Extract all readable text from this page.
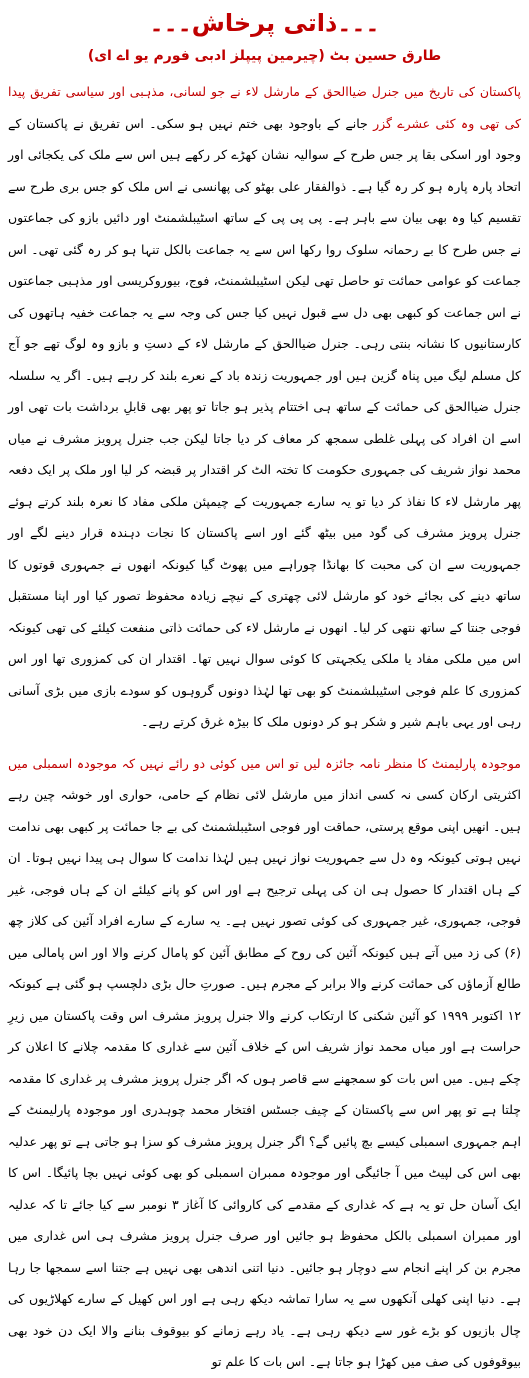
۔۔۔ذاتی پرخاش۔۔۔
طارق حسین بٹ (چیرمین پیپلز ادبی فورم یو اے ای)

پاکستان کی تاریخ میں جنرل ضیاالحق کے مارشل لاء نے جو لسانی، مذہبی اور سیاسی تفریق پیدا کی تھی وہ کئی عشرے گزر جانے کے باوجود بھی ختم نہیں ہو سکی۔ اس تفریق نے پاکستان کے وجود اور اسکی بقا پر جس طرح کے سوالیہ نشان کھڑے کر رکھے ہیں اس سے ملک کی یکجائی اور اتحاد پارہ پارہ ہو کر رہ گیا ہے۔ ذوالفقار علی بھٹو کی پھانسی نے اس ملک کو جس بری طرح سے تقسیم کیا وہ بھی بیان سے باہر ہے۔ پی پی پی کے ساتھ اسٹیبلشمنٹ اور دائیں بازو کی جماعتوں نے جس طرح کا بے رحمانہ سلوک روا رکھا اس سے یہ جماعت بالکل تنہا ہو کر رہ گئی تھی۔ اس جماعت کو عوامی حمائت تو حاصل تھی لیکن اسٹیبلشمنٹ، فوج، بیوروکریسی اور مذہبی جماعتوں نے اس جماعت کو کبھی بھی دل سے قبول نہیں کیا جس کی وجہ سے یہ جماعت خفیہ ہاتھوں کی کارستانیوں کا نشانہ بنتی رہی۔ جنرل ضیاالحق کے مارشل لاء کے دستِ و بازو وہ لوگ تھے جو آج کل مسلم لیگ میں پناہ گزین ہیں اور جمہوریت زندہ باد کے نعرے بلند کر رہے ہیں۔ اگر یہ سلسلہ جنرل ضیاالحق کی حمائت کے ساتھ ہی اختتام پذیر ہو جاتا تو پھر بھی قابلِ برداشت بات تھی اور اسے ان افراد کی پہلی غلطی سمجھ کر معاف کر دیا جاتا لیکن جب جنرل پرویز مشرف نے میاں محمد نواز شریف کی جمہوری حکومت کا تختہ الٹ کر اقتدار پر قبضہ کر لیا اور ملک پر ایک دفعہ پھر مارشل لاء کا نفاذ کر دیا تو یہ سارے جمہوریت کے چیمپئن ملکی مفاد کا نعرہ بلند کرتے ہوئے جنرل پرویز مشرف کی گود میں بیٹھ گئے اور اسے پاکستان کا نجات دہندہ قرار دینے لگے اور جمہوریت سے ان کی محبت کا بھانڈا چوراہے میں پھوٹ گیا کیونکہ انھوں نے جمہوری قوتوں کا ساتھ دینے کی بجائے خود کو مارشل لائی چھتری کے نیچے زیادہ محفوظ تصور کیا اور اپنا مستقبل فوجی جنتا کے ساتھ نتھی کر لیا۔ انھوں نے مارشل لاء کی حمائت ذاتی منفعت کیلئے کی تھی کیونکہ اس میں ملکی مفاد یا ملکی یکجہتی کا کوئی سوال نہیں تھا۔ اقتدار ان کی کمزوری تھا اور اس کمزوری کا علم فوجی اسٹیبلشمنٹ کو بھی تھا لہٰذا دونوں گروہوں کو سودے بازی میں بڑی آسانی رہی اور یہی باہم شیر و شکر ہو کر دونوں ملک کا بیڑہ غرق کرتے رہے۔

موجودہ پارلیمنٹ کا منظر نامہ جائزہ لیں تو اس میں کوئی دو رائے نہیں کہ موجودہ اسمبلی میں اکثریتی ارکان کسی نہ کسی انداز میں مارشل لائی نظام کے حامی، حواری اور خوشہ چین رہے ہیں۔ انھیں اپنی موقع پرستی، حماقت اور فوجی اسٹیبلشمنٹ کی بے جا حمائت پر کبھی بھی ندامت نہیں ہوتی کیونکہ وہ دل سے جمہوریت نواز نہیں ہیں لہٰذا ندامت کا سوال ہی پیدا نہیں ہوتا۔ ان کے ہاں اقتدار کا حصول ہی ان کی پہلی ترجیح ہے اور اس کو پانے کیلئے ان کے ہاں فوجی، غیر فوجی، جمہوری، غیر جمہوری کی کوئی تصور نہیں ہے۔ یہ سارے کے سارے افراد آئین کی کلاز چھ (۶) کی زد میں آتے ہیں کیونکہ آئین کی روح کے مطابق آئین کو پامال کرنے والا اور اس پامالی میں طالع آزماؤں کی حمائت کرنے والا برابر کے مجرم ہیں۔ صورتِ حال بڑی دلچسپ ہو گئی ہے کیونکہ ۱۲ اکتوبر ۱۹۹۹ کو آئین شکنی کا ارتکاب کرنے والا جنرل پرویز مشرف اس وقت پاکستان میں زیرِ حراست ہے اور میاں محمد نواز شریف اس کے خلاف آئین سے غداری کا مقدمہ چلانے کا اعلان کر چکے ہیں۔ میں اس بات کو سمجھنے سے قاصر ہوں کہ اگر جنرل پرویز مشرف پر غداری کا مقدمہ چلتا ہے تو پھر اس سے پاکستان کے چیف جسٹس افتخار محمد چوہدری اور موجودہ پارلیمنٹ کے اہم جمہوری اسمبلی کیسے بچ پائیں گے؟ اگر جنرل پرویز مشرف کو سزا ہو جاتی ہے تو پھر عدلیہ بھی اس کی لپیٹ میں آ جائیگی اور موجودہ ممبران اسمبلی کو بھی کوئی نہیں بچا پائیگا۔ اس کا ایک آسان حل تو یہ ہے کہ غداری کے مقدمے کی کاروائی کا آغاز ۳ نومبر سے کیا جائے تا کہ عدلیہ اور ممبران اسمبلی بالکل محفوظ ہو جائیں اور صرف جنرل پرویز مشرف ہی اس غداری میں مجرم بن کر اپنے انجام سے دوچار ہو جائیں۔ دنیا اتنی اندھی بھی نہیں ہے جتنا اسے سمجھا جا رہا ہے۔ دنیا اپنی کھلی آنکھوں سے یہ سارا تماشہ دیکھ رہی ہے اور اس کھیل کے سارے کھلاڑیوں کی چال بازیوں کو بڑے غور سے دیکھ رہی ہے۔ یاد رہے زمانے کو بیوقوف بنانے والا ایک دن خود بھی بیوقوفوں کی صف میں کھڑا ہو جاتا ہے۔ اس بات کا علم تو
